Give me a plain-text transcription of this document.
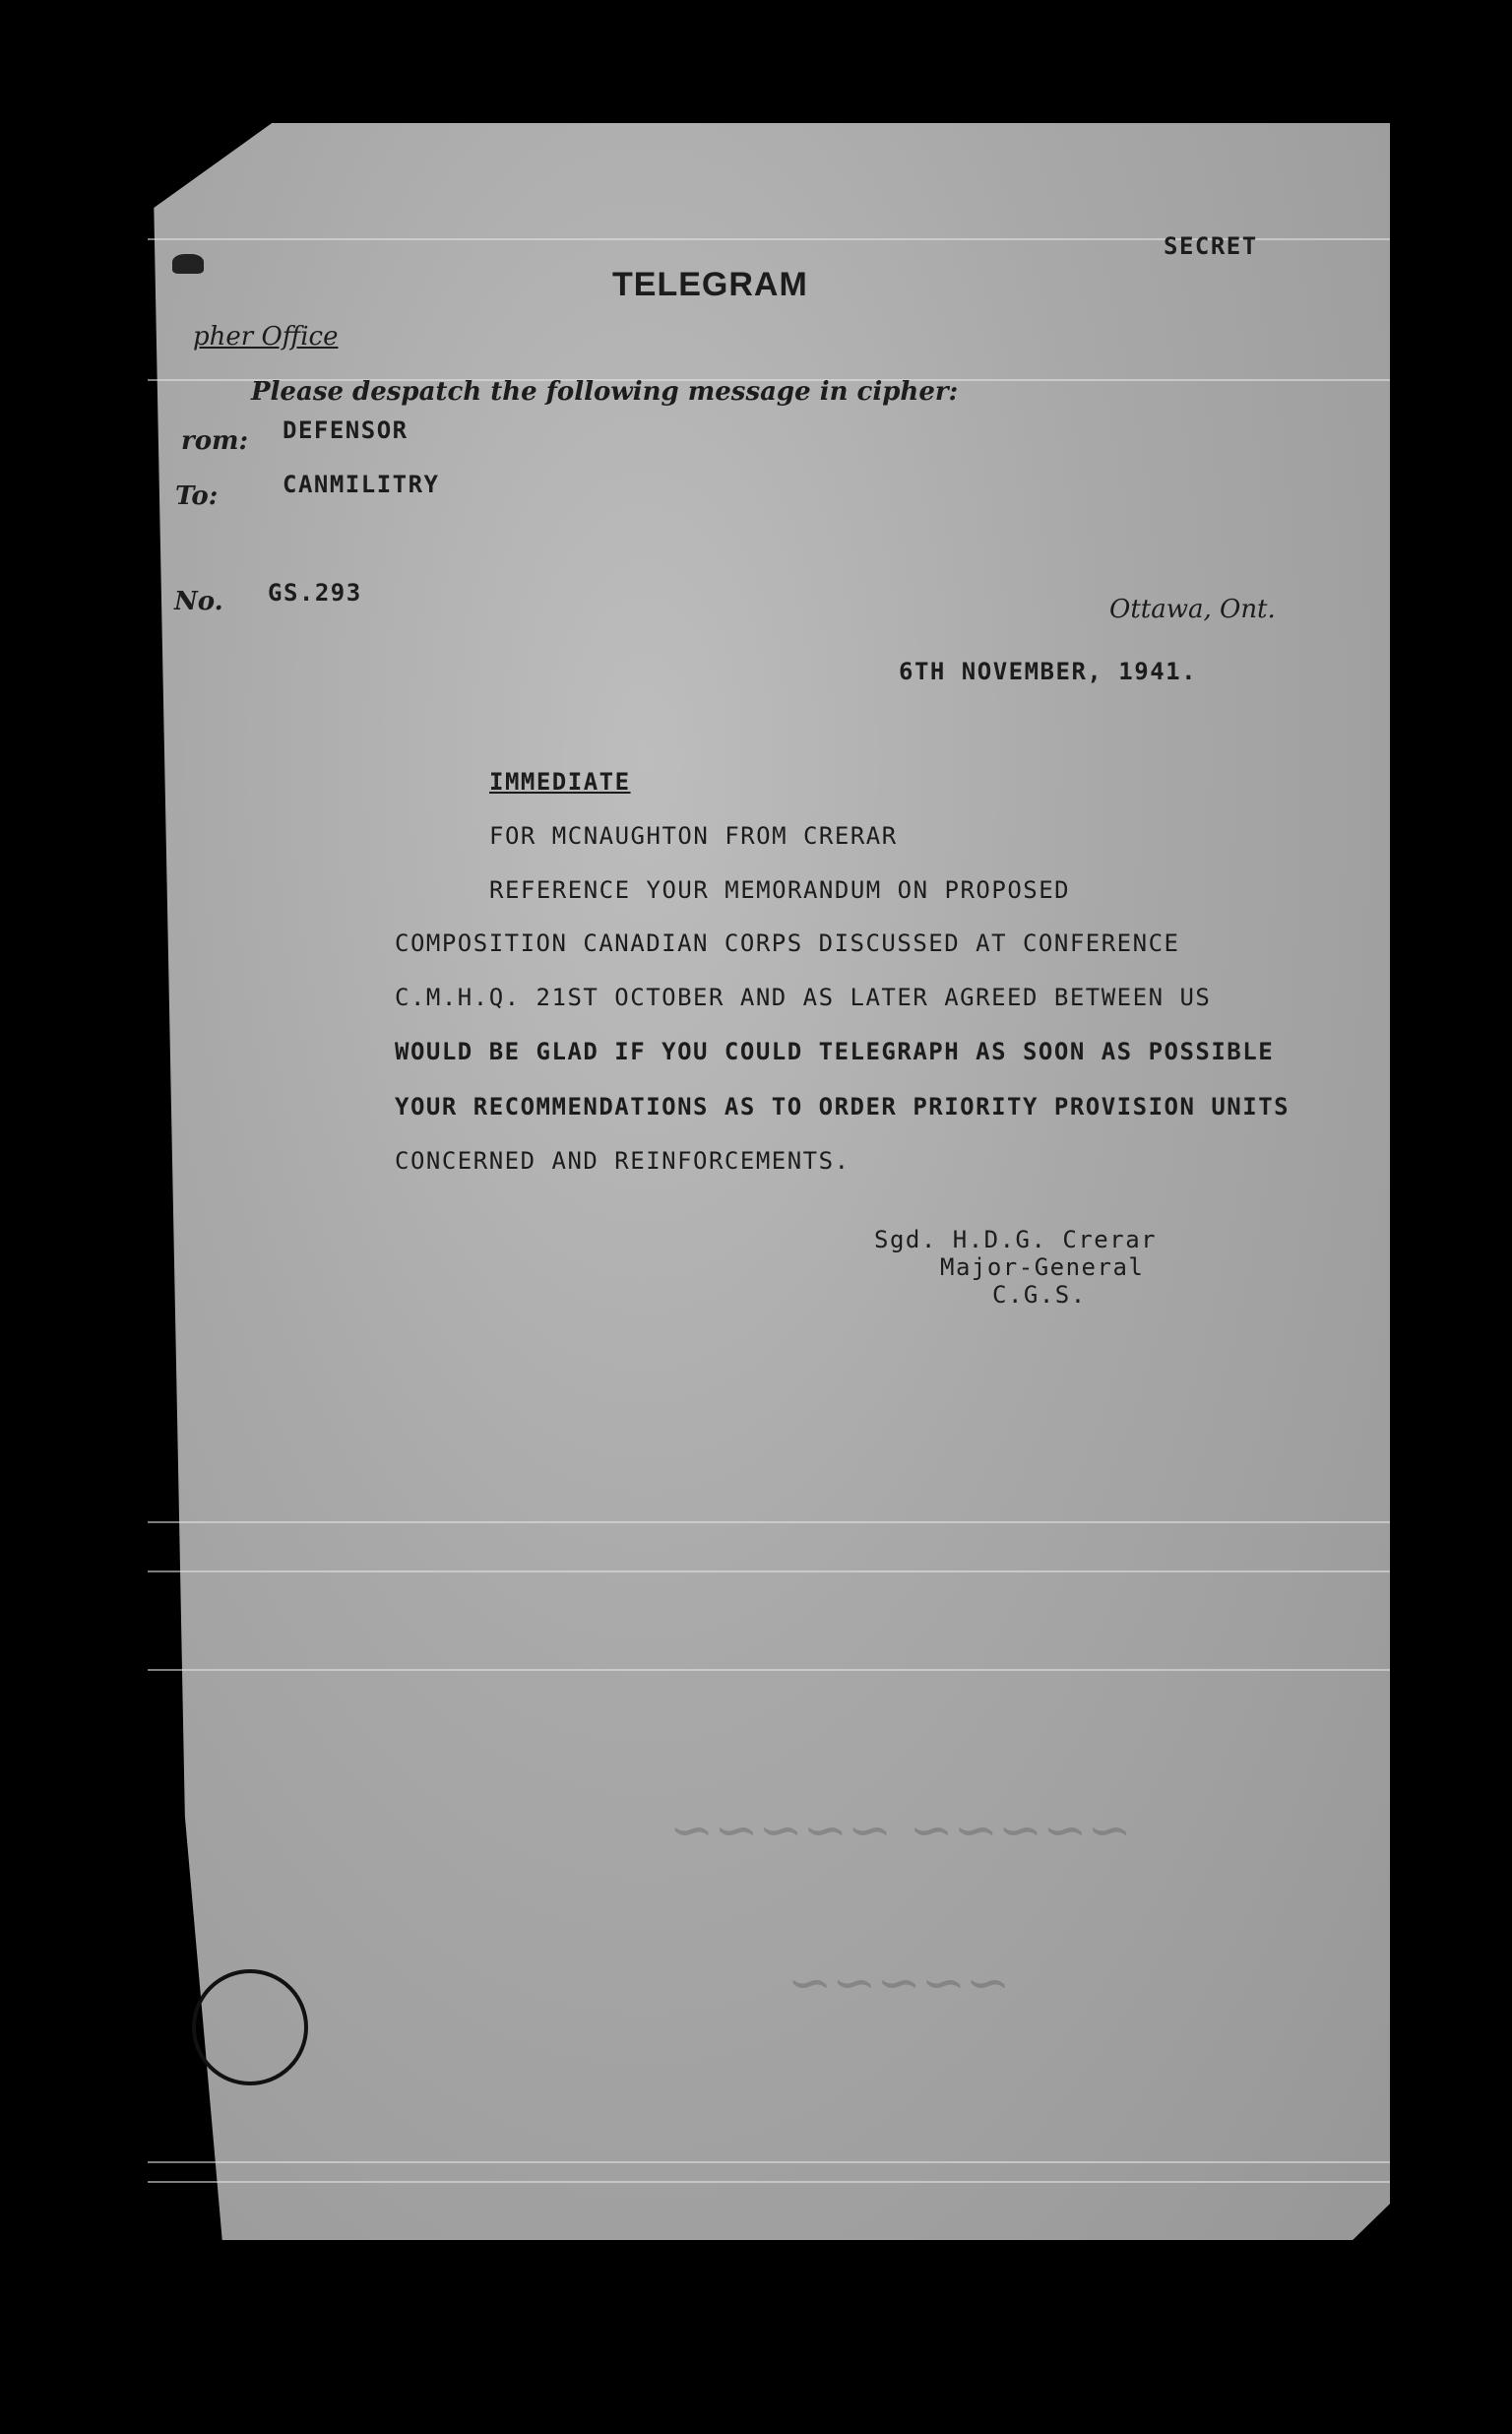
SECRET
TELEGRAM
pher Office
Please despatch the following message in cipher:
rom: DEFENSOR
To:	CANMILITRY
No. GS.293
Ottawa, Ont.
6TH NOVEMBER, 1941.
IMMEDIATE
FOR MCNAUGHTON FROM CRERAR
REFERENCE YOUR MEMORANDUM ON PROPOSED
COMPOSITION CANADIAN CORPS DISCUSSED AT CONFERENCE
C.M.H.Q. 21ST OCTOBER AND AS LATER AGREED BETWEEN US
WOULD BE GLAD IF YOU COULD TELEGRAPH AS SOON AS POSSIBLE
YOUR RECOMMENDATIONS AS TO ORDER PRIORITY PROVISION UNITS
CONCERNED AND REINFORCEMENTS.
Sgd. H.D.G. Crerar
Major-General
C.G.S.
~~~~~ ~~~~~
~~~~~
